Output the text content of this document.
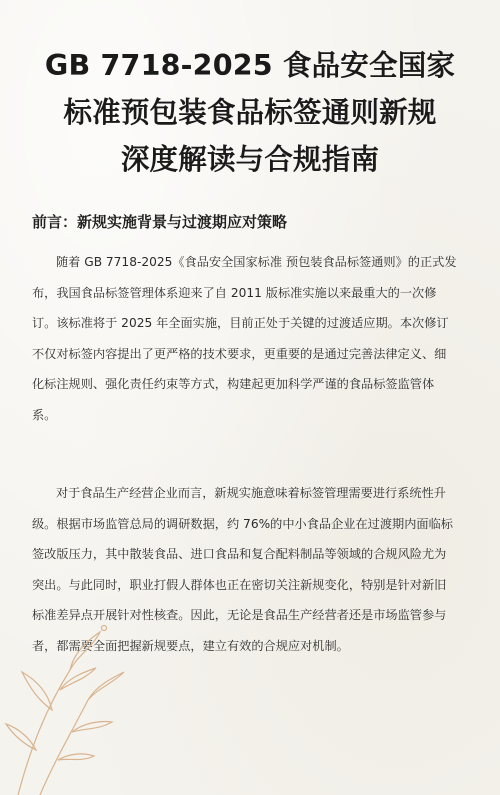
GB 7718-2025 食品安全国家
标准预包装食品标签通则新规
深度解读与合规指南
前言：新规实施背景与过渡期应对策略
随着 GB 7718-2025《食品安全国家标准 预包装食品标签通则》的正式发
布，我国食品标签管理体系迎来了自 2011 版标准实施以来最重大的一次修
订。该标准将于 2025 年全面实施，目前正处于关键的过渡适应期。本次修订
不仅对标签内容提出了更严格的技术要求，更重要的是通过完善法律定义、细
化标注规则、强化责任约束等方式，构建起更加科学严谨的食品标签监管体
系。
对于食品生产经营企业而言，新规实施意味着标签管理需要进行系统性升
级。根据市场监管总局的调研数据，约 76%的中小食品企业在过渡期内面临标
签改版压力，其中散装食品、进口食品和复合配料制品等领域的合规风险尤为
突出。与此同时，职业打假人群体也正在密切关注新规变化，特别是针对新旧
标准差异点开展针对性核查。因此，无论是食品生产经营者还是市场监管参与
者，都需要全面把握新规要点，建立有效的合规应对机制。
